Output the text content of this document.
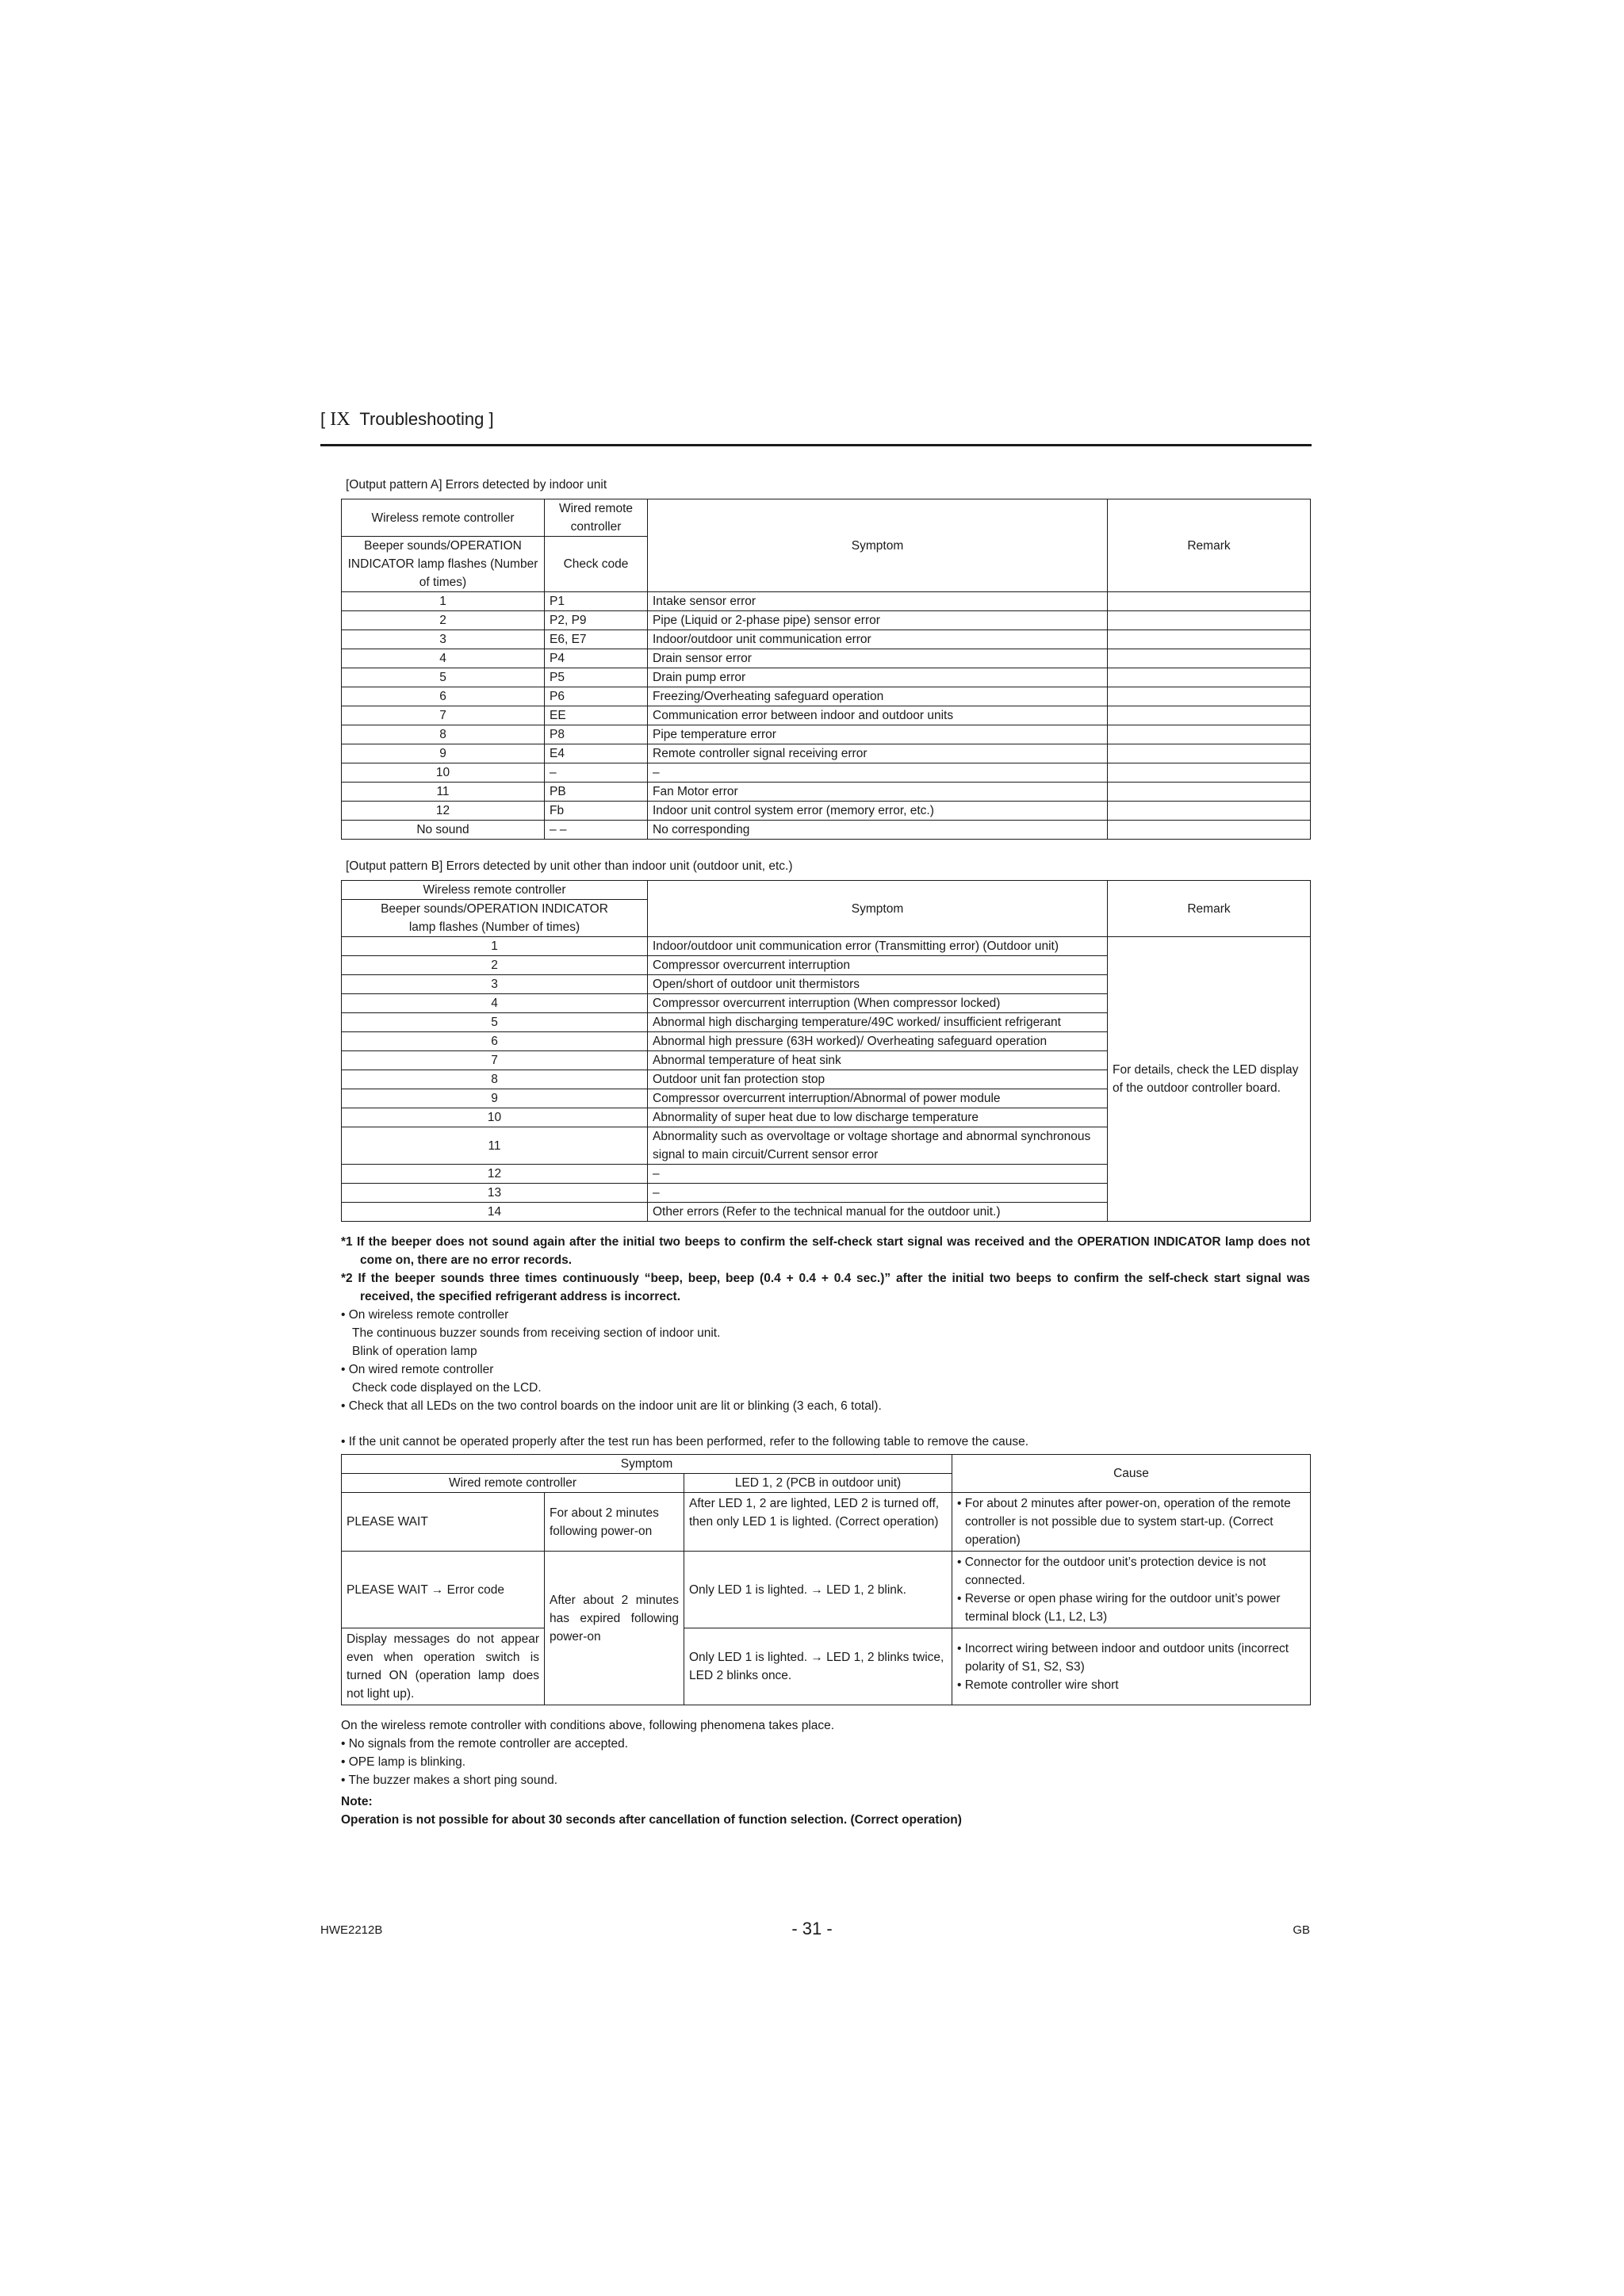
[ IX Troubleshooting ]
[Output pattern A] Errors detected by indoor unit
Wireless remote controller	Wired remote controller	Symptom	Remark
Beeper sounds/OPERATION INDICATOR lamp flashes (Number of times)	Check code		
1	P1	Intake sensor error	
2	P2, P9	Pipe (Liquid or 2-phase pipe) sensor error	
3	E6, E7	Indoor/outdoor unit communication error	
4	P4	Drain sensor error	
5	P5	Drain pump error	
6	P6	Freezing/Overheating safeguard operation	
7	EE	Communication error between indoor and outdoor units	
8	P8	Pipe temperature error	
9	E4	Remote controller signal receiving error	
10	–	–	
11	PB	Fan Motor error	
12	Fb	Indoor unit control system error (memory error, etc.)	
No sound	– –	No corresponding	
[Output pattern B] Errors detected by unit other than indoor unit (outdoor unit, etc.)
Wireless remote controller	Symptom	Remark
Beeper sounds/OPERATION INDICATOR lamp flashes (Number of times)		
1	Indoor/outdoor unit communication error (Transmitting error) (Outdoor unit)	For details, check the LED display of the outdoor controller board.
2	Compressor overcurrent interruption	
3	Open/short of outdoor unit thermistors	
4	Compressor overcurrent interruption (When compressor locked)	
5	Abnormal high discharging temperature/49C worked/ insufficient refrigerant	
6	Abnormal high pressure (63H worked)/ Overheating safeguard operation	
7	Abnormal temperature of heat sink	
8	Outdoor unit fan protection stop	
9	Compressor overcurrent interruption/Abnormal of power module	
10	Abnormality of super heat due to low discharge temperature	
11	Abnormality such as overvoltage or voltage shortage and abnormal synchronous signal to main circuit/Current sensor error	
12	–	
13	–	
14	Other errors (Refer to the technical manual for the outdoor unit.)	

*1 If the beeper does not sound again after the initial two beeps to confirm the self-check start signal was received and the OPERATION INDICATOR lamp does not come on, there are no error records.

*2 If the beeper sounds three times continuously “beep, beep, beep (0.4 + 0.4 + 0.4 sec.)” after the initial two beeps to confirm the self-check start signal was received, the specified refrigerant address is incorrect.

• On wireless remote controller

The continuous buzzer sounds from receiving section of indoor unit.

Blink of operation lamp

• On wired remote controller

Check code displayed on the LCD.

• Check that all LEDs on the two control boards on the indoor unit are lit or blinking (3 each, 6 total).

• If the unit cannot be operated properly after the test run has been performed, refer to the following table to remove the cause.

Symptom			Cause
Wired remote controller		LED 1, 2 (PCB in outdoor unit)	
PLEASE WAIT	For about 2 minutes following power-on	After LED 1, 2 are lighted, LED 2 is turned off, then only LED 1 is lighted. (Correct operation)	• For about 2 minutes after power-on, operation of the remote controller is not possible due to system start-up. (Correct operation)

PLEASE WAIT → Error code	After about 2 minutes has expired following power-on	Only LED 1 is lighted. → LED 1, 2 blink.	• Connector for the outdoor unit’s protection device is not connected.
• Reverse or open phase wiring for the outdoor unit’s power terminal block (L1, L2, L3)

Display messages do not appear even when operation switch is turned ON (operation lamp does not light up).		Only LED 1 is lighted. → LED 1, 2 blinks twice, LED 2 blinks once.	• Incorrect wiring between indoor and outdoor units (incorrect polarity of S1, S2, S3)
• Remote controller wire short

On the wireless remote controller with conditions above, following phenomena takes place.

• No signals from the remote controller are accepted.

• OPE lamp is blinking.

• The buzzer makes a short ping sound.

Note:

Operation is not possible for about 30 seconds after cancellation of function selection. (Correct operation)

HWE2212B	- 31 -	GB
